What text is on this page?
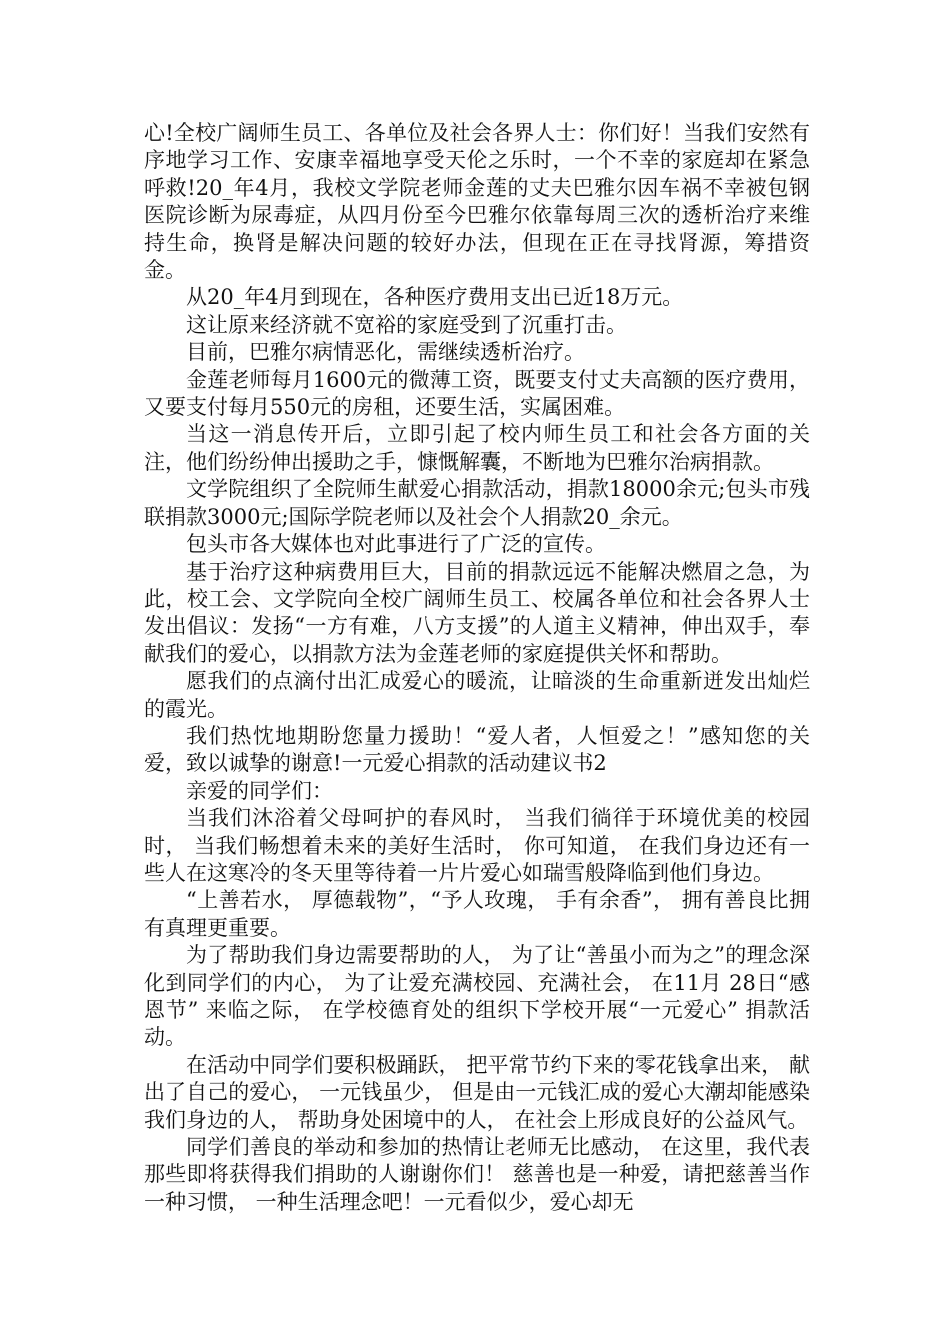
心!全校广阔师生员工、各单位及社会各界人士：你们好！当我们安然有序地学习工作、安康幸福地享受天伦之乐时，一个不幸的家庭却在紧急呼救!20_年4月，我校文学院老师金莲的丈夫巴雅尔因车祸不幸被包钢医院诊断为尿毒症，从四月份至今巴雅尔依靠每周三次的透析治疗来维持生命，换肾是解决问题的较好办法，但现在正在寻找肾源，筹措资金。

从20_年4月到现在，各种医疗费用支出已近18万元。

这让原来经济就不宽裕的家庭受到了沉重打击。

目前，巴雅尔病情恶化，需继续透析治疗。

金莲老师每月1600元的微薄工资，既要支付丈夫高额的医疗费用，又要支付每月550元的房租，还要生活，实属困难。

当这一消息传开后，立即引起了校内师生员工和社会各方面的关注，他们纷纷伸出援助之手，慷慨解囊，不断地为巴雅尔治病捐款。

文学院组织了全院师生献爱心捐款活动，捐款18000余元;包头市残联捐款3000元;国际学院老师以及社会个人捐款20_余元。

包头市各大媒体也对此事进行了广泛的宣传。

基于治疗这种病费用巨大，目前的捐款远远不能解决燃眉之急，为此，校工会、文学院向全校广阔师生员工、校属各单位和社会各界人士发出倡议：发扬“一方有难，八方支援”的人道主义精神，伸出双手，奉献我们的爱心，以捐款方法为金莲老师的家庭提供关怀和帮助。

愿我们的点滴付出汇成爱心的暖流，让暗淡的生命重新迸发出灿烂的霞光。

我们热忱地期盼您量力援助！“爱人者，人恒爱之！”感知您的关爱，致以诚挚的谢意!一元爱心捐款的活动建议书2

亲爱的同学们：

当我们沐浴着父母呵护的春风时， 当我们徜徉于环境优美的校园时， 当我们畅想着未来的美好生活时， 你可知道， 在我们身边还有一些人在这寒冷的冬天里等待着一片片爱心如瑞雪般降临到他们身边。

“上善若水， 厚德载物”，“予人玫瑰， 手有余香”， 拥有善良比拥有真理更重要。

为了帮助我们身边需要帮助的人， 为了让“善虽小而为之”的理念深化到同学们的内心， 为了让爱充满校园、充满社会， 在11月 28日“感恩节” 来临之际， 在学校德育处的组织下学校开展“一元爱心” 捐款活动。

在活动中同学们要积极踊跃， 把平常节约下来的零花钱拿出来， 献出了自己的爱心， 一元钱虽少， 但是由一元钱汇成的爱心大潮却能感染我们身边的人， 帮助身处困境中的人， 在社会上形成良好的公益风气。

同学们善良的举动和参加的热情让老师无比感动， 在这里，我代表那些即将获得我们捐助的人谢谢你们！ 慈善也是一种爱，请把慈善当作一种习惯， 一种生活理念吧！一元看似少，爱心却无
